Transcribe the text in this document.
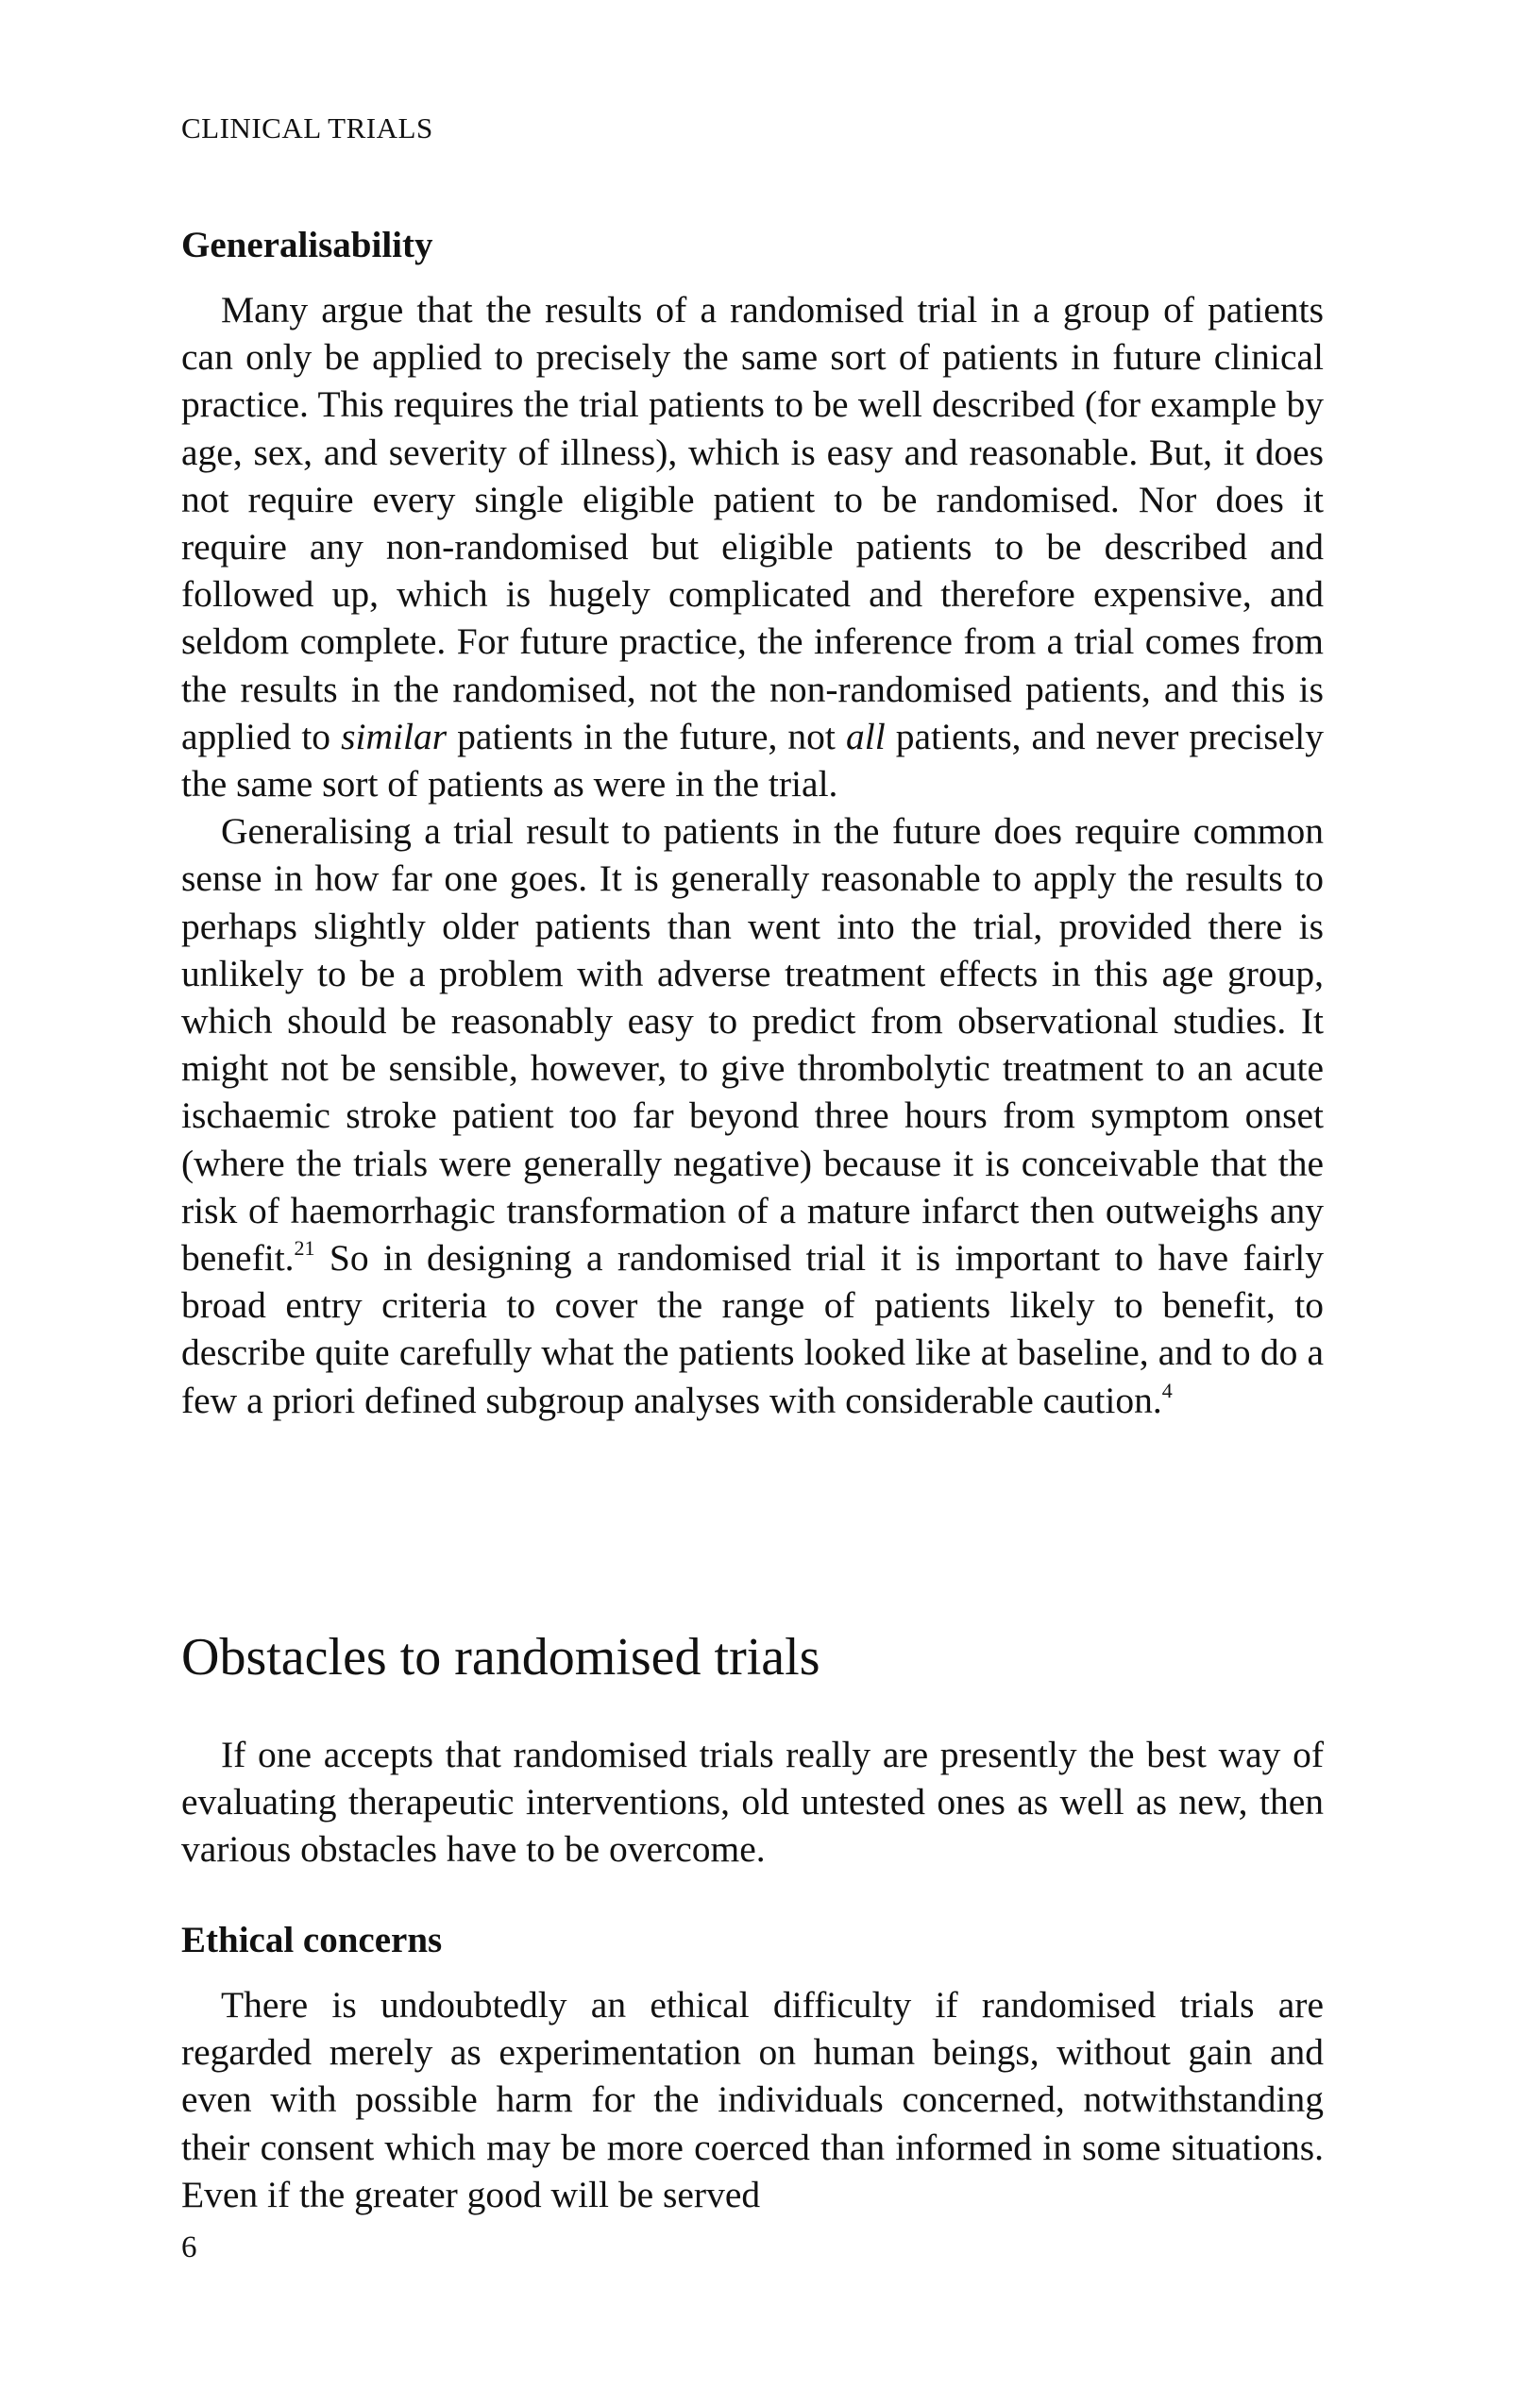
CLINICAL TRIALS
Generalisability

Many argue that the results of a randomised trial in a group of patients can only be applied to precisely the same sort of patients in future clinical practice. This requires the trial patients to be well described (for example by age, sex, and severity of illness), which is easy and reasonable. But, it does not require every single eligible patient to be randomised. Nor does it require any non-randomised but eligible patients to be described and followed up, which is hugely complicated and therefore expensive, and seldom complete. For future practice, the inference from a trial comes from the results in the randomised, not the non-randomised patients, and this is applied to similar patients in the future, not all patients, and never precisely the same sort of patients as were in the trial.

Generalising a trial result to patients in the future does require common sense in how far one goes. It is generally reasonable to apply the results to perhaps slightly older patients than went into the trial, provided there is unlikely to be a problem with adverse treatment effects in this age group, which should be reasonably easy to predict from observational studies. It might not be sensible, however, to give thrombolytic treatment to an acute ischaemic stroke patient too far beyond three hours from symptom onset (where the trials were generally negative) because it is conceivable that the risk of haemorrhagic transformation of a mature infarct then outweighs any benefit.$^{21}$ So in designing a randomised trial it is important to have fairly broad entry criteria to cover the range of patients likely to benefit, to describe quite carefully what the patients looked like at baseline, and to do a few a priori defined subgroup analyses with considerable caution.$^4$

Obstacles to randomised trials

If one accepts that randomised trials really are presently the best way of evaluating therapeutic interventions, old untested ones as well as new, then various obstacles have to be overcome.

Ethical concerns

There is undoubtedly an ethical difficulty if randomised trials are regarded merely as experimentation on human beings, without gain and even with possible harm for the individuals concerned, notwithstanding their consent which may be more coerced than informed in some situations. Even if the greater good will be served

6
